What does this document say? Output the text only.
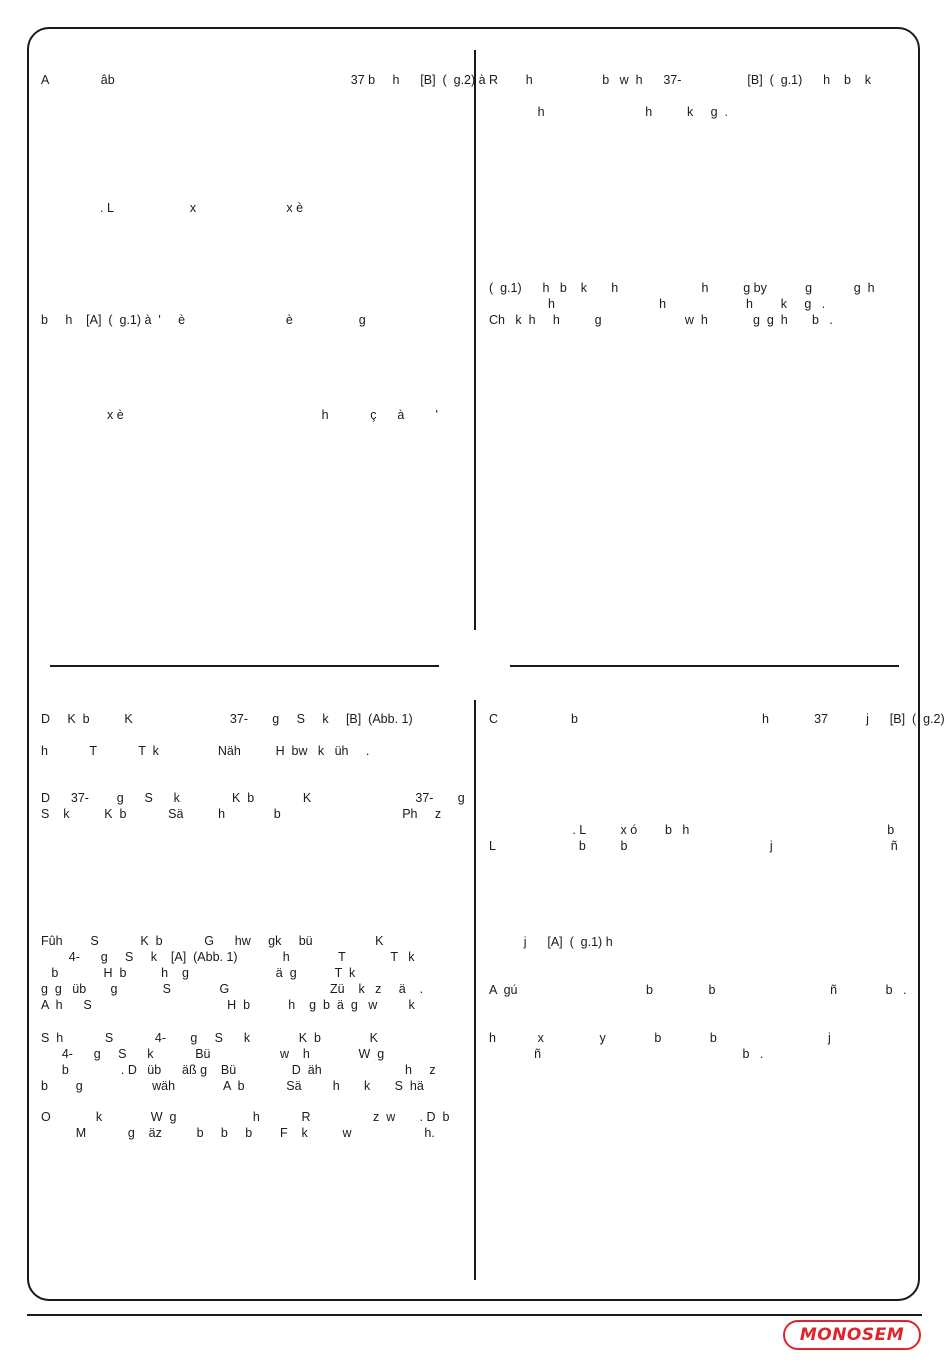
A               âb                                                                    37 b     h      [B]  (  g.2) à

. L                      x                          x è

b     h    [A]  (  g.1) à  '     è                             è                   g

x è                                                         h            ç      à         '

R        h                    b   w  h      37-                   [B]  (  g.1)      h    b    k

h                             h          k     g  .

(  g.1)      h   b    k       h                        h          g by           g            g  h
h                              h                       h        k     g   .
Ch   k  h     h          g                        w  h             g  g  h       b   .

D     K  b          K                            37-       g     S     k     [B]  (Abb. 1)

h            T            T  k                 Näh          H  bw   k   üh     .

D      37-        g      S      k               K  b              K                              37-       g
S    k          K  b            Sä          h              b                                   Ph     z

Fûh        S            K  b            G      hw     gk     bü                  K
4-      g     S     k    [A]  (Abb. 1)             h              T             T   k
b             H  b          h    g                         ä  g           T  k
g  g   üb       g             S              G                             Zü    k   z     ä    .
A  h      S                                       H  b           h    g  b  ä  g   w         k

S  h            S            4-       g     S      k              K  b              K
4-      g     S      k            Bü                    w    h              W  g
b               . D   üb      äß g    Bü                D  äh                        h     z
b        g                    wäh              A  b            Sä         h       k       S  hä

O             k              W  g                      h            R                  z  w       . D  b
M            g    äz          b     b     b        F    k          w                     h.

C                     b                                                     h             37           j      [B]  (  g.2)

. L          x ó        b   h                                                         b
L                        b          b                                         j                                  ñ

j      [A]  (  g.1) h

A  gú                                     b                b                                 ñ              b   .

h            x                y              b              b                                j
ñ                                                          b   .

MONOSEM
